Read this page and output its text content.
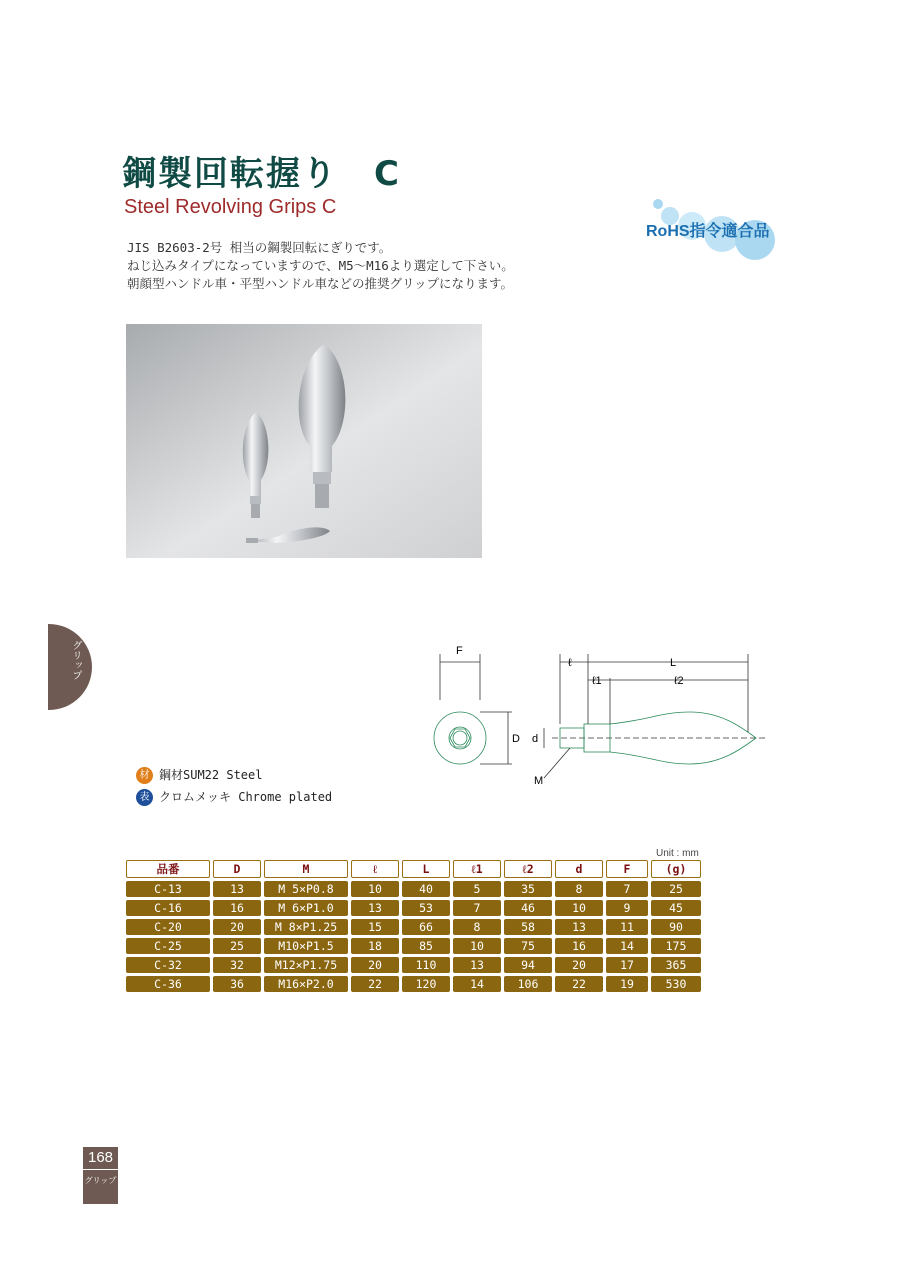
鋼製回転握り　C
Steel Revolving Grips C
JIS B2603-2号 相当の鋼製回転にぎりです。
ねじ込みタイプになっていますので、M5～M16より選定して下さい。
朝顔型ハンドル車・平型ハンドル車などの推奨グリップになります。
RoHS指令適合品
グリップ	F
ℓ	L
ℓ1	ℓ2
D d
M
材 鋼材SUM22 Steel
表 クロムメッキ Chrome plated
Unit : mm
品番	D	M	ℓ	L	ℓ1	ℓ2	d	F	(g)
C-13	13	M 5×P0.8	10	40	5	35	8	7	25
C-16	16	M 6×P1.0	13	53	7	46	10	9	45
C-20	20	M 8×P1.25	15	66	8	58	13	11	90
C-25	25	M10×P1.5	18	85	10	75	16	14	175
C-32	32	M12×P1.75	20	110	13	94	20	17	365
C-36	36	M16×P2.0	22	120	14	106	22	19	530
168
グリップ
